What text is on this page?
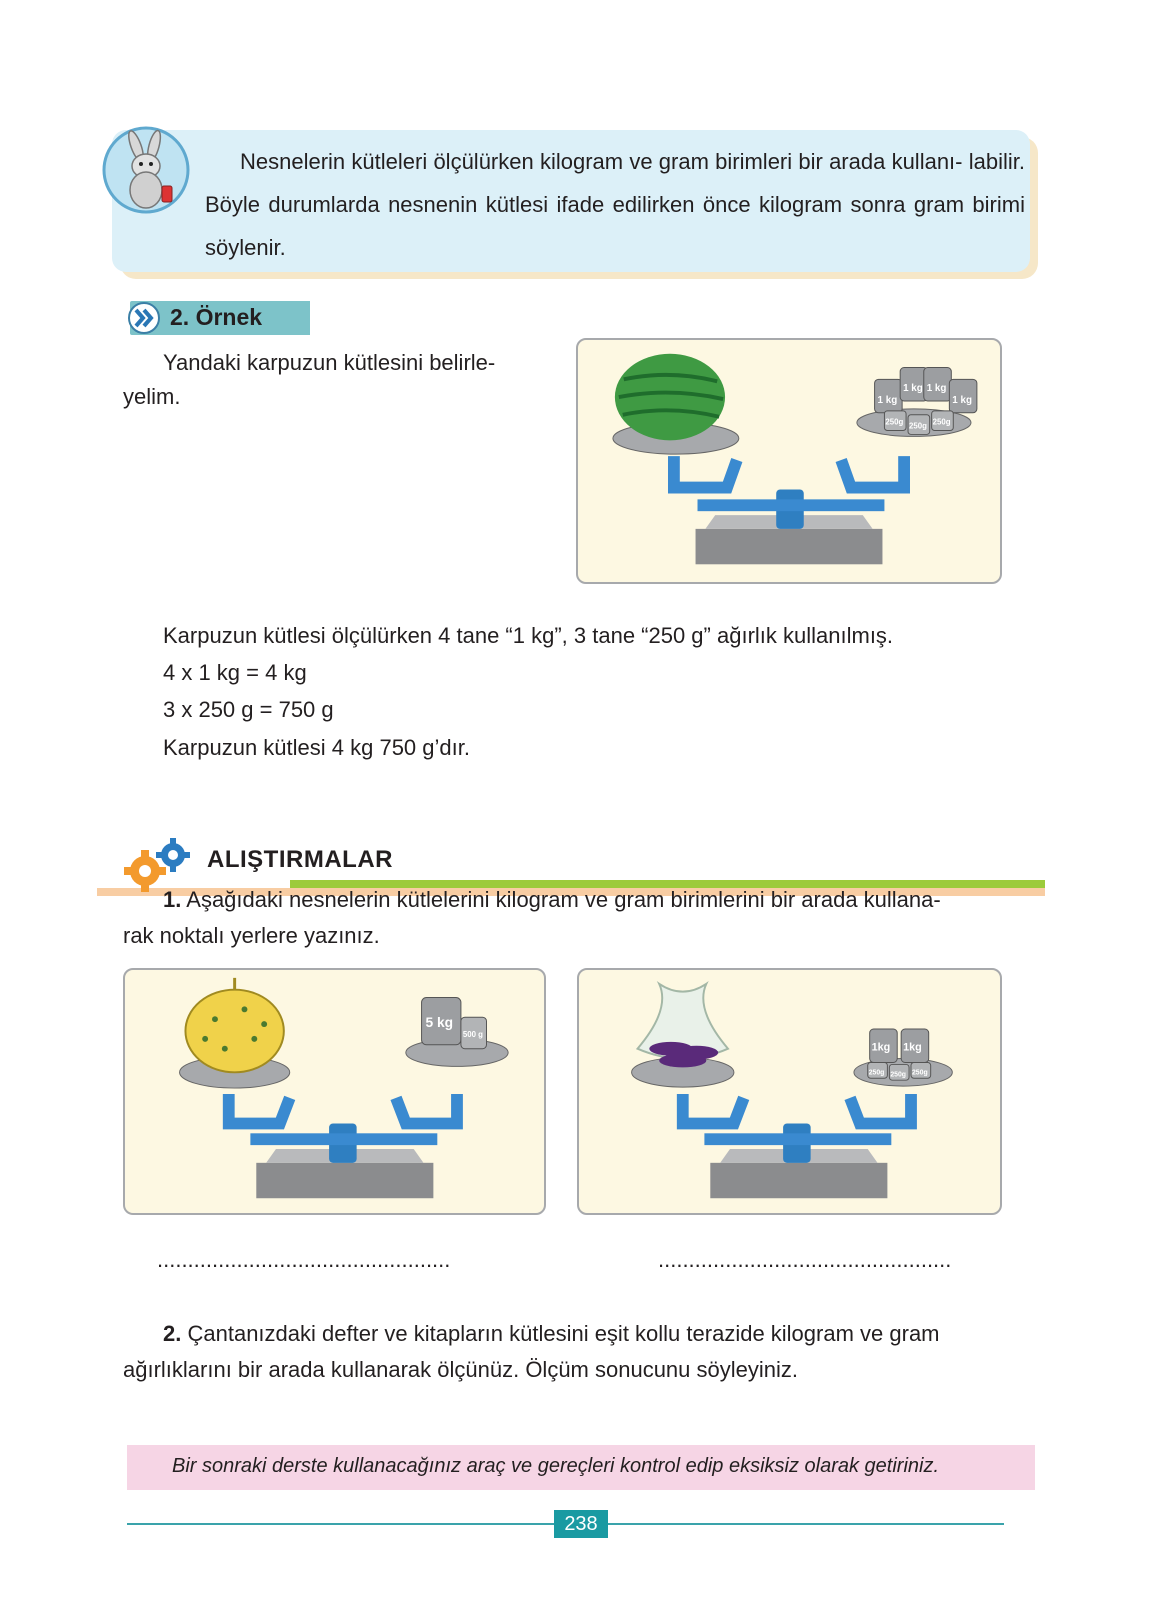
Nesnelerin kütleleri ölçülürken kilogram ve gram birimleri bir arada kullanı- labilir. Böyle durumlarda nesnenin kütlesi ifade edilirken önce kilogram sonra gram birimi söylenir.

2. Örnek

Yandaki karpuzun kütlesini belirle-

yelim.	1 kg
1 kg 1 kg
1 kg
250g 250g 250g

Karpuzun kütlesi ölçülürken 4 tane “1 kg”, 3 tane “250 g” ağırlık kullanılmış.

4 x 1 kg = 4 kg

3 x 250 g = 750 g

Karpuzun kütlesi 4 kg 750 g’dır.

ALIŞTIRMALAR

1. Aşağıdaki nesnelerin kütlelerini kilogram ve gram birimlerini bir arada kullana-

rak noktalı yerlere yazınız.

5 kg
500 g
1kg 1kg
250g 250g 250g
................................................	................................................

2. Çantanızdaki defter ve kitapların kütlesini eşit kollu terazide kilogram ve gram

ağırlıklarını bir arada kullanarak ölçünüz. Ölçüm sonucunu söyleyiniz.

Bir sonraki derste kullanacağınız araç ve gereçleri kontrol edip eksiksiz olarak getiriniz.
238
